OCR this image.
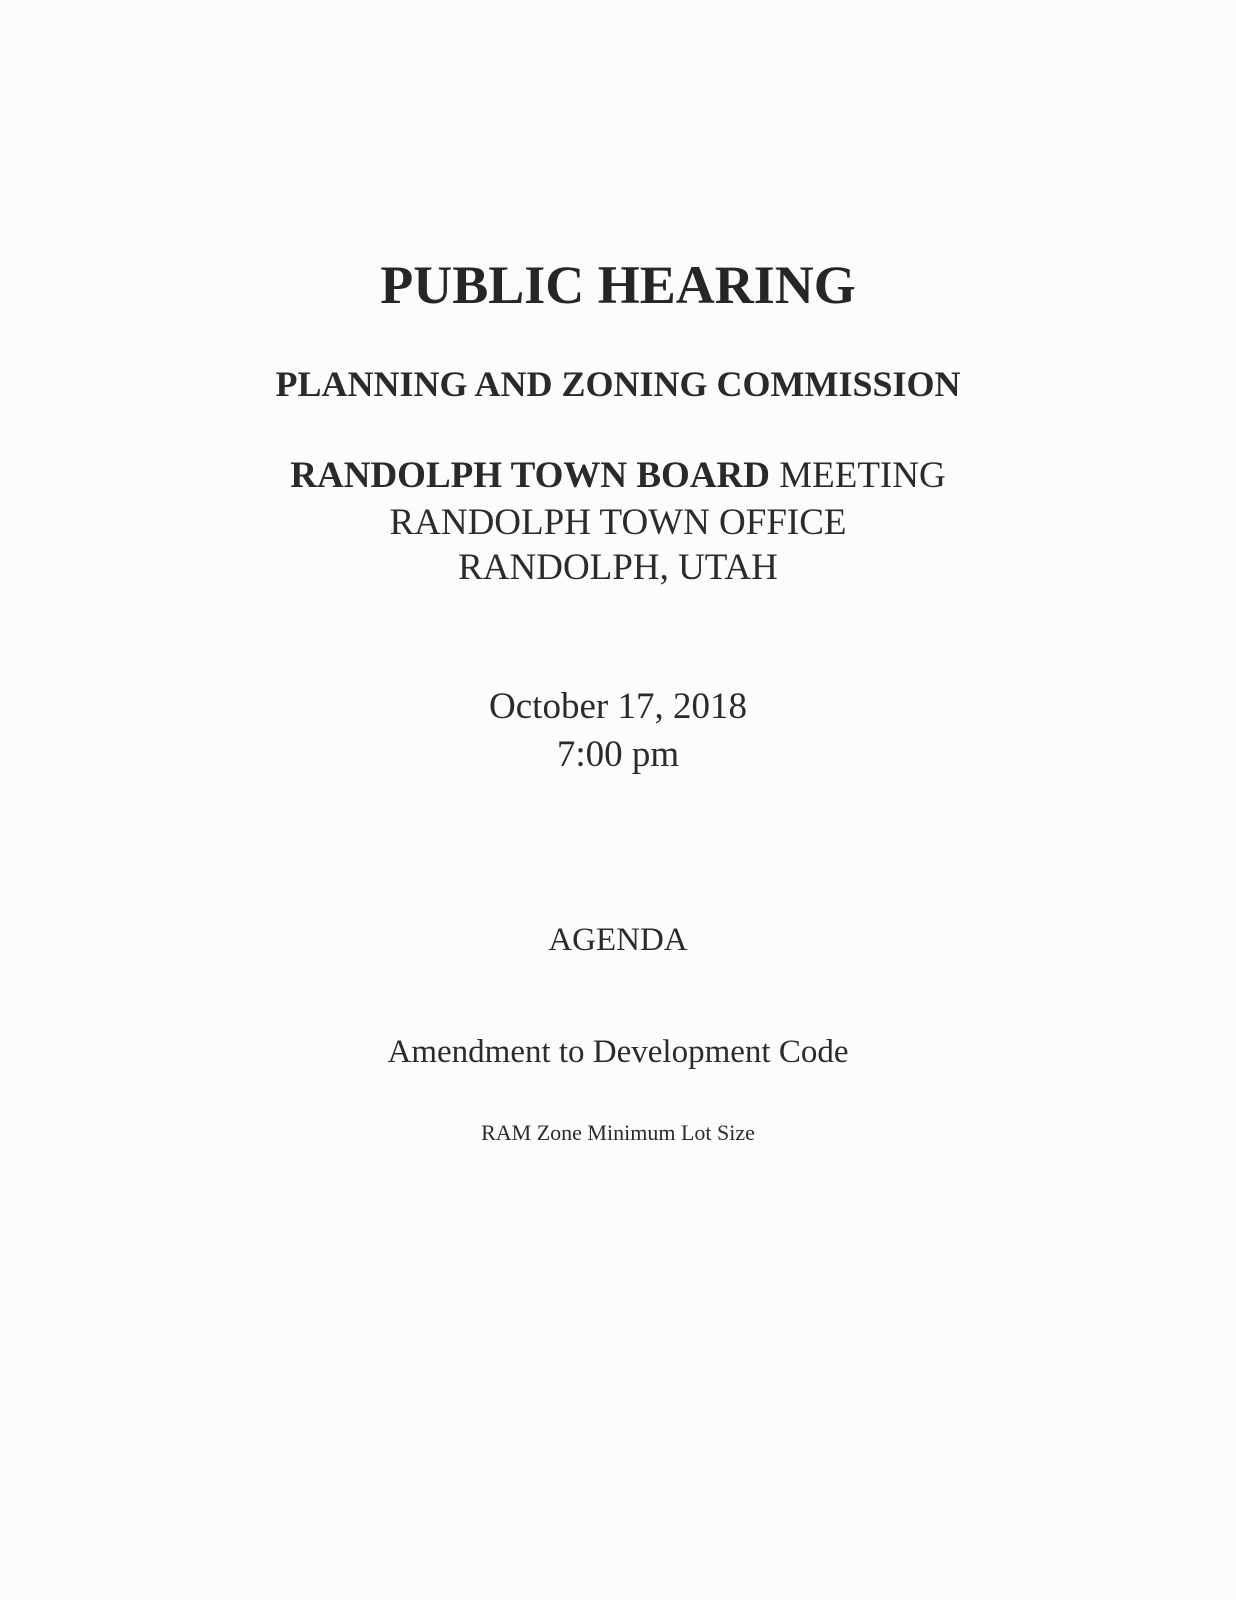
PUBLIC HEARING
PLANNING AND ZONING COMMISSION
RANDOLPH TOWN BOARD MEETING
RANDOLPH TOWN OFFICE
RANDOLPH, UTAH
October 17, 2018
7:00 pm
AGENDA
Amendment to Development Code
RAM Zone Minimum Lot Size
